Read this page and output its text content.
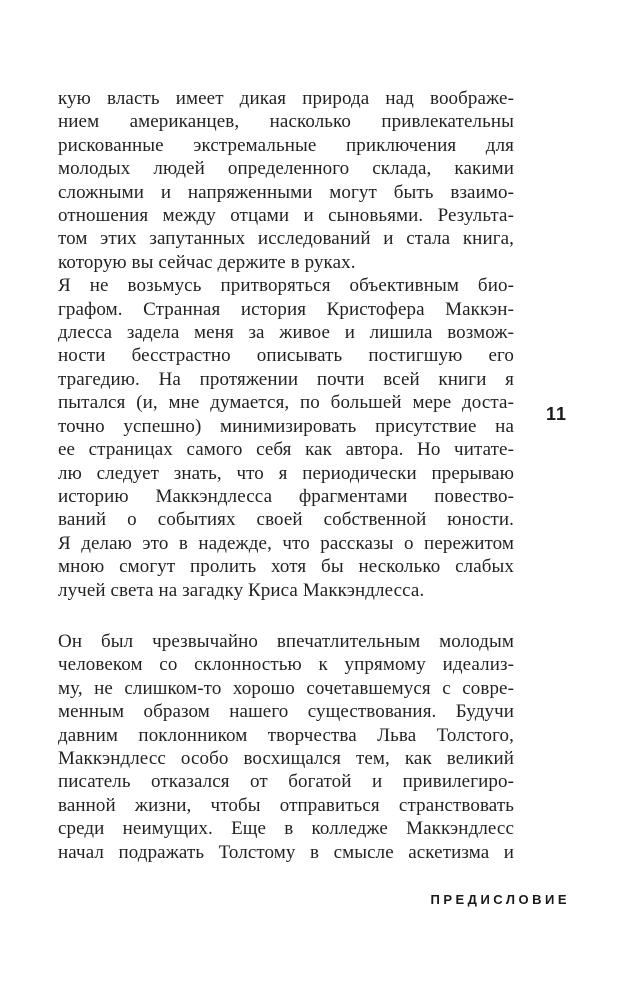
кую власть имеет дикая природа над воображе-
нием американцев, насколько привлекательны
рискованные экстремальные приключения для
молодых людей определенного склада, какими
сложными и напряженными могут быть взаимо-
отношения между отцами и сыновьями. Результа-
том этих запутанных исследований и стала книга,
которую вы сейчас держите в руках.
Я не возьмусь притворяться объективным био-
графом. Странная история Кристофера Маккэн-
длесса задела меня за живое и лишила возмож-
ности бесстрастно описывать постигшую его
трагедию. На протяжении почти всей книги я
пытался (и, мне думается, по большей мере доста-
точно успешно) минимизировать присутствие на
ее страницах самого себя как автора. Но читате-
лю следует знать, что я периодически прерываю
историю Маккэндлесса фрагментами повество-
ваний о событиях своей собственной юности.
Я делаю это в надежде, что рассказы о пережитом
мною смогут пролить хотя бы несколько слабых
лучей света на загадку Криса Маккэндлесса.
Он был чрезвычайно впечатлительным молодым
человеком со склонностью к упрямому идеализ-
му, не слишком-то хорошо сочетавшемуся с совре-
менным образом нашего существования. Будучи
давним поклонником творчества Льва Толстого,
Маккэндлесс особо восхищался тем, как великий
писатель отказался от богатой и привилегиро-
ванной жизни, чтобы отправиться странствовать
среди неимущих. Еще в колледже Маккэндлесс
начал подражать Толстому в смысле аскетизма и
11
ПРЕДИСЛОВИЕ
